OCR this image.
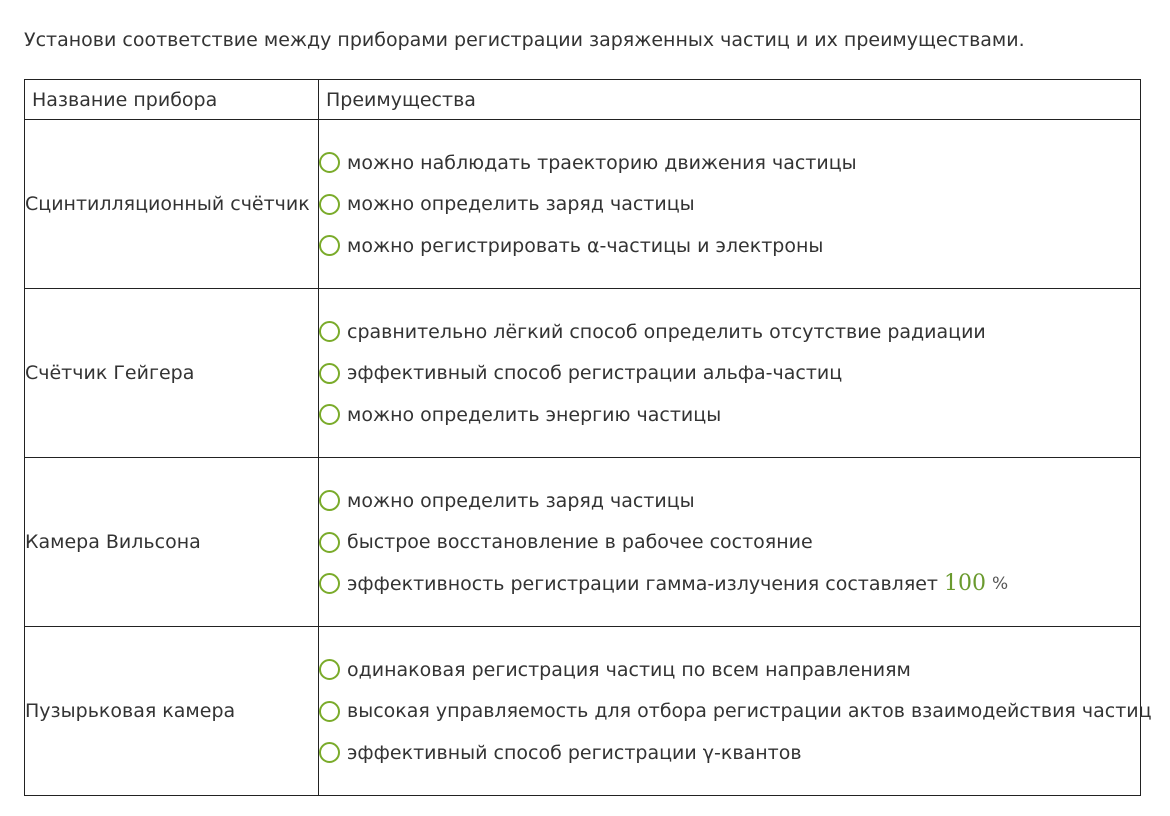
Установи соответствие между приборами регистрации заряженных частиц и их преимуществами.
Название прибора	Преимущества
Сцинтилляционный счётчик	можно наблюдать траекторию движения частицы
можно определить заряд частицы
можно регистрировать α-частицы и электроны

Счётчик Гейгера	сравнительно лёгкий способ определить отсутствие радиации
эффективный способ регистрации альфа-частиц
можно определить энергию частицы

Камера Вильсона	можно определить заряд частицы
быстрое восстановление в рабочее состояние
эффективность регистрации гамма-излучения составляет 100 %

Пузырьковая камера	одинаковая регистрация частиц по всем направлениям
высокая управляемость для отбора регистрации актов взаимодействия частиц
эффективный способ регистрации γ-квантов
